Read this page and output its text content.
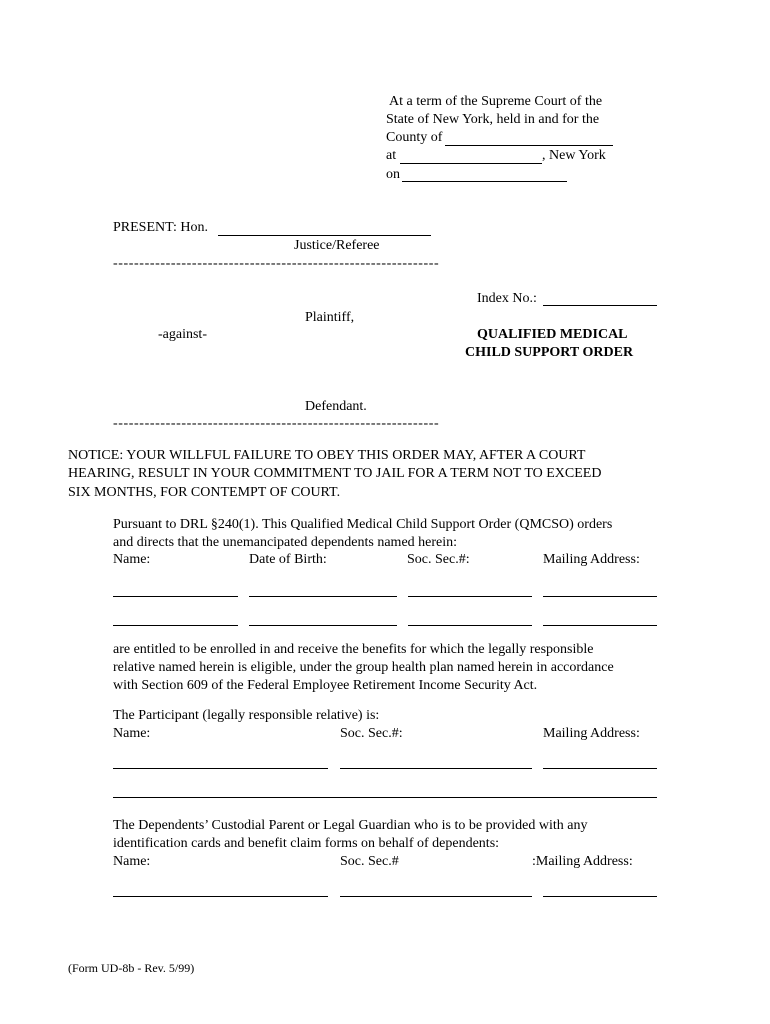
At a term of the Supreme Court of the
State of New York, held in and for the
County of
at	, New York
on
PRESENT: Hon.
Justice/Referee
--------------------------------------------------------------
Index No.:
Plaintiff,
-against-	QUALIFIED MEDICAL
CHILD SUPPORT ORDER
Defendant.
--------------------------------------------------------------
NOTICE: YOUR WILLFUL FAILURE TO OBEY THIS ORDER MAY, AFTER A COURT
HEARING, RESULT IN YOUR COMMITMENT TO JAIL FOR A TERM NOT TO EXCEED
SIX MONTHS, FOR CONTEMPT OF COURT.
Pursuant to DRL §240(1). This Qualified Medical Child Support Order (QMCSO) orders
and directs that the unemancipated dependents named herein:
Name:	Date of Birth:	Soc. Sec.#:	Mailing Address:
are entitled to be enrolled in and receive the benefits for which the legally responsible
relative named herein is eligible, under the group health plan named herein in accordance
with Section 609 of the Federal Employee Retirement Income Security Act.
The Participant (legally responsible relative) is:
Name:	Soc. Sec.#:	Mailing Address:
The Dependents’ Custodial Parent or Legal Guardian who is to be provided with any
identification cards and benefit claim forms on behalf of dependents:
Name:	Soc. Sec.#	:Mailing Address:
(Form UD-8b - Rev. 5/99)
